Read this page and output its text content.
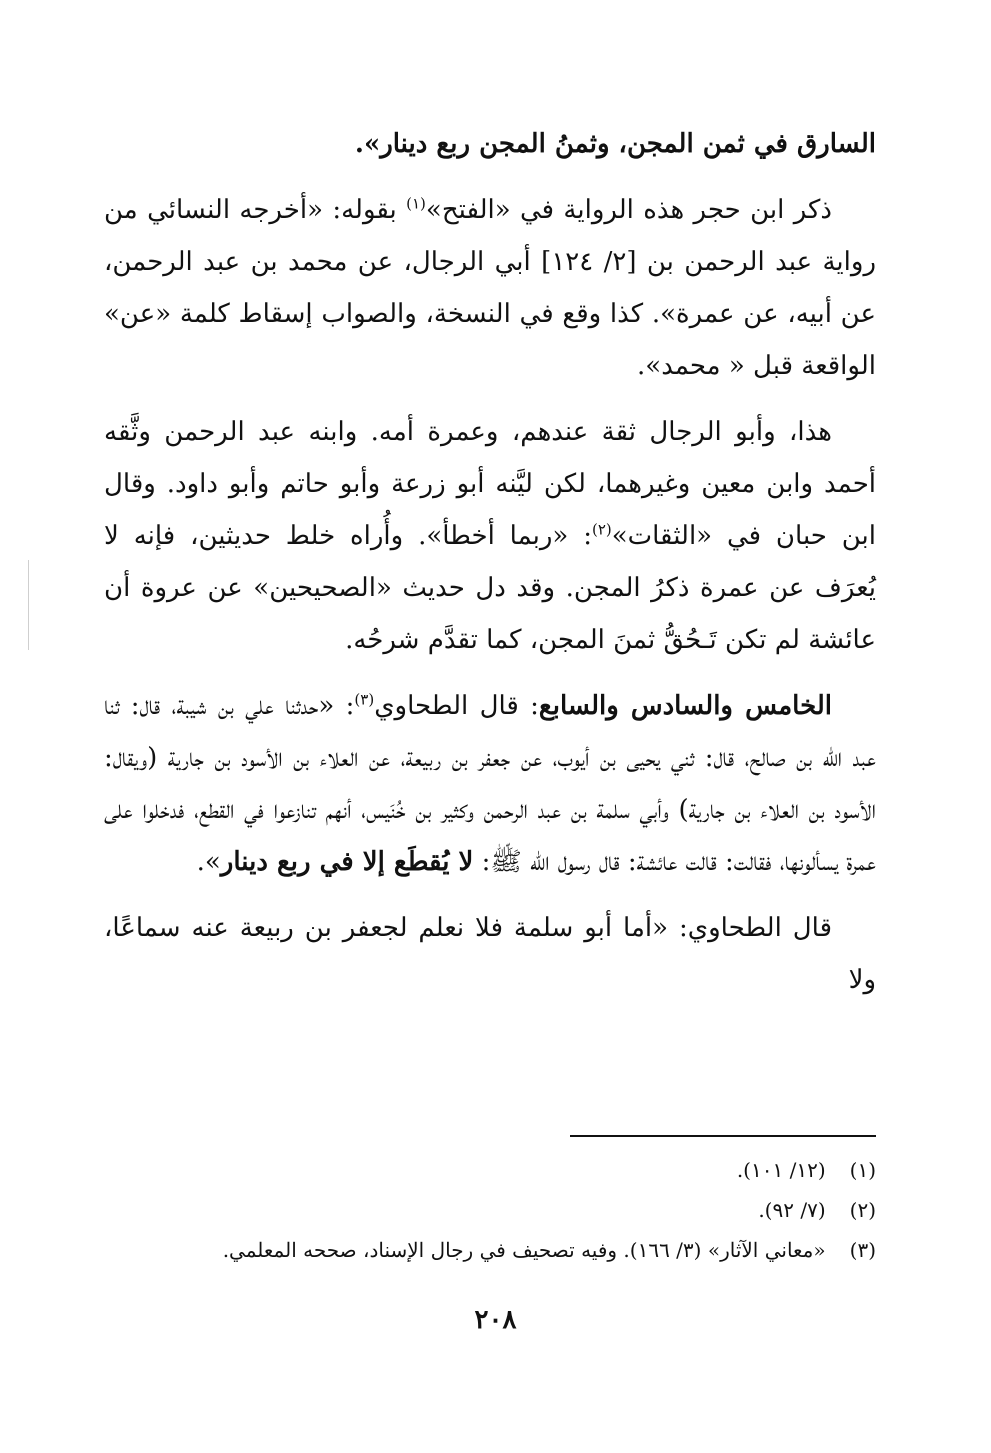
السارق في ثمن المجن، وثمنُ المجن ربع دينار».

ذكر ابن حجر هذه الرواية في «الفتح»$^{(١)}$ بقوله: «أخرجه النسائي من رواية عبد الرحمن بن [٢/ ١٢٤] أبي الرجال، عن محمد بن عبد الرحمن، عن أبيه، عن عمرة». كذا وقع في النسخة، والصواب إسقاط كلمة «عن» الواقعة قبل « محمد».

هذا، وأبو الرجال ثقة عندهم، وعمرة أمه. وابنه عبد الرحمن وثَّقه أحمد وابن معين وغيرهما، لكن ليَّنه أبو زرعة وأبو حاتم وأبو داود. وقال ابن حبان في «الثقات»$^{(٢)}$: «ربما أخطأ». وأُراه خلط حديثين، فإنه لا يُعرَف عن عمرة ذكرُ المجن. وقد دل حديث «الصحيحين» عن عروة أن عائشة لم تكن تَـحُقُّ ثمنَ المجن، كما تقدَّم شرحُه.

الخامس والسادس والسابع: قال الطحاوي$^{(٣)}$: «حدثنا علي بن شيبة، قال: ثنا عبد الله بن صالح، قال: ثني يحيى بن أيوب، عن جعفر بن ربيعة، عن العلاء بن الأسود بن جارية (ويقال: الأسود بن العلاء بن جارية) وأبي سلمة بن عبد الرحمن وكثير بن خُنَيس، أنهم تنازعوا في القطع، فدخلوا على عمرة يسألونها، فقالت: قالت عائشة: قال رسول الله ﷺ: لا يُقطَع إلا في ربع دينار».

قال الطحاوي: «أما أبو سلمة فلا نعلم لجعفر بن ربيعة عنه سماعًا، ولا

(١) (١٢/ ١٠١).

(٢) (٧/ ٩٢).

(٣) «معاني الآثار» (٣/ ١٦٦). وفيه تصحيف في رجال الإسناد، صححه المعلمي.

٢٠٨
